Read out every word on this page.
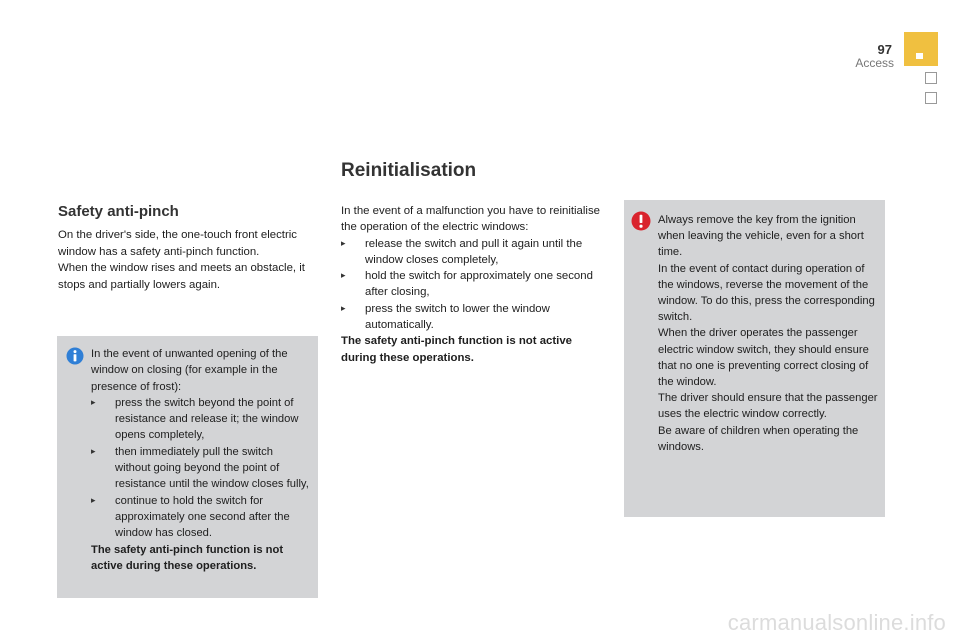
97
Access
Reinitialisation
Safety anti-pinch

On the driver's side, the one-touch front electric window has a safety anti-pinch function.

When the window rises and meets an obstacle, it stops and partially lowers again.

In the event of unwanted opening of the window on closing (for example in the presence of frost):

▸ press the switch beyond the point of resistance and release it; the window opens completely,
▸ then immediately pull the switch without going beyond the point of resistance until the window closes fully,
▸ continue to hold the switch for approximately one second after the window has closed.

The safety anti-pinch function is not active during these operations.

In the event of a malfunction you have to reinitialise the operation of the electric windows:

▸ release the switch and pull it again until the window closes completely,
▸ hold the switch for approximately one second after closing,
▸ press the switch to lower the window automatically.

The safety anti-pinch function is not active during these operations.

Always remove the key from the ignition when leaving the vehicle, even for a short time.

In the event of contact during operation of the windows, reverse the movement of the window. To do this, press the corresponding switch.

When the driver operates the passenger electric window switch, they should ensure that no one is preventing correct closing of the window.

The driver should ensure that the passenger uses the electric window correctly.

Be aware of children when operating the windows.

carmanualsonline.info
